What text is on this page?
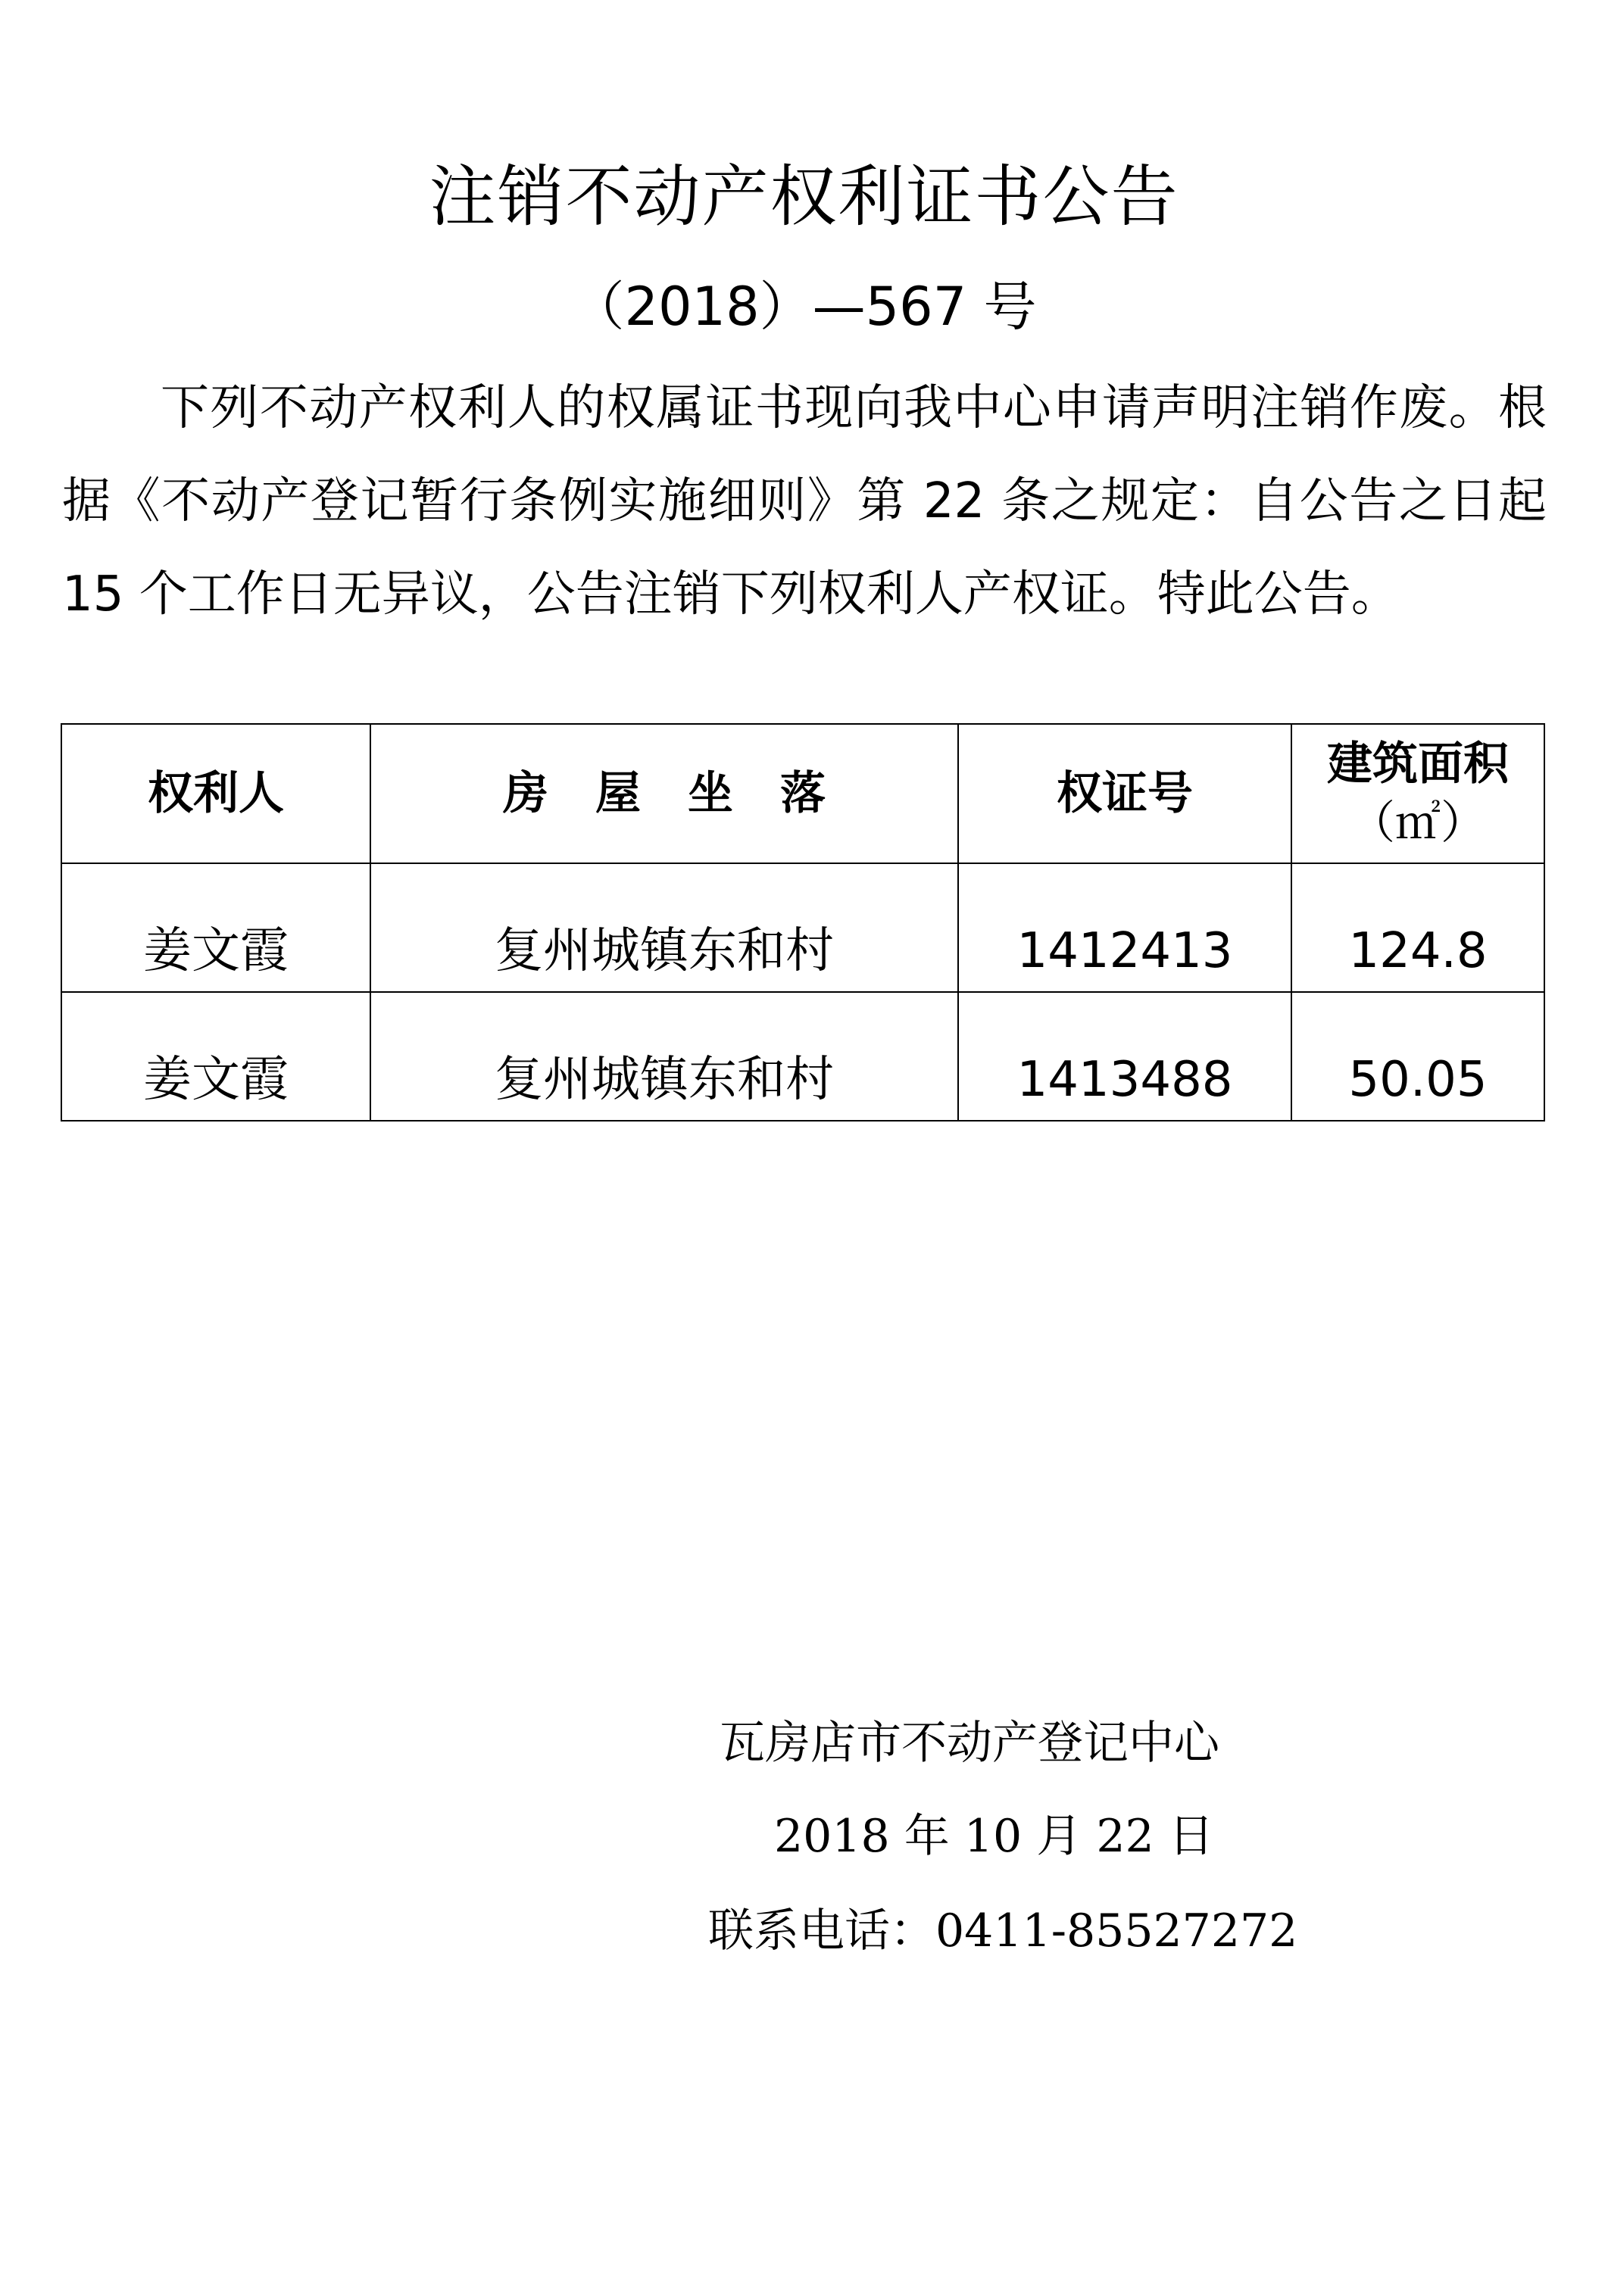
注销不动产权利证书公告
（2018）—567 号

下列不动产权利人的权属证书现向我中心申请声明注销作废。根据《不动产登记暂行条例实施细则》第 22 条之规定：自公告之日起 15 个工作日无异议，公告注销下列权利人产权证。特此公告。

权利人	房屋坐落	权证号	建筑面积
（㎡）

姜文霞	复州城镇东和村	1412413	124.8
姜文霞	复州城镇东和村	1413488	50.05
瓦房店市不动产登记中心
2018 年 10 月 22 日
联系电话：0411-85527272
